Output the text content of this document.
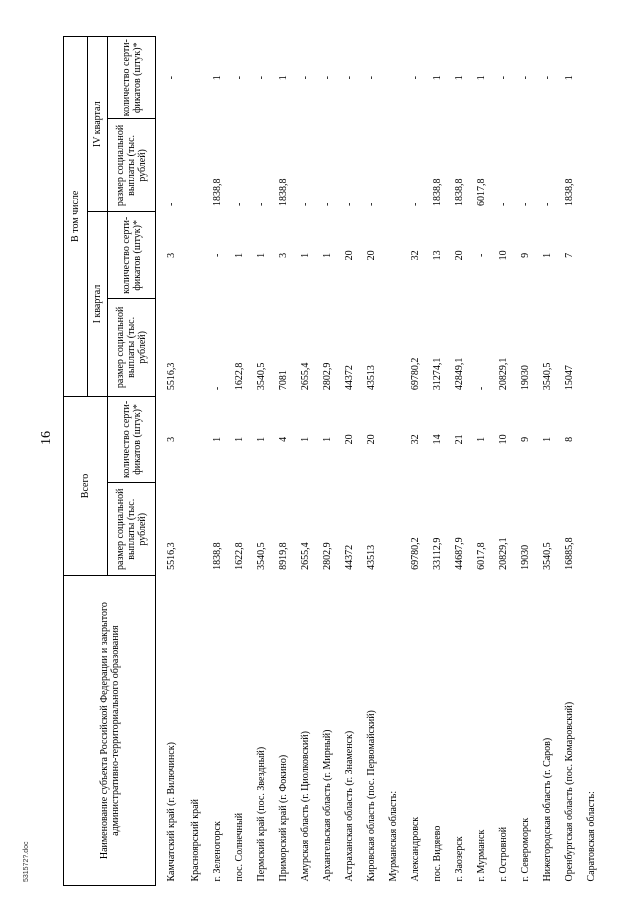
16
531572?.doc
Наименование субъекта Российской Федерации и закрытого административно-территориального образования	Всего		В том числе			
			I квартал		IV квартал	
	размер социальной выплаты (тыс. рублей)	количество серти-фикатов (штук)*	размер социальной выплаты (тыс. рублей)	количество серти-фикатов (штук)*	размер социальной выплаты (тыс. рублей)	количество серти-фикатов (штук)*
Камчатский край (г. Вилючинск)	5516,3	3	5516,3	3	-	-
Красноярский край						
г. Зеленогорск	1838,8	1	-	-	1838,8	1
пос. Солнечный	1622,8	1	1622,8	1	-	-
Пермский край (пос. Звездный)	3540,5	1	3540,5	1	-	-
Приморский край (г. Фокино)	8919,8	4	7081	3	1838,8	1
Амурская область (г. Циолковский)	2655,4	1	2655,4	1	-	-
Архангельская область (г. Мирный)	2802,9	1	2802,9	1	-	-
Астраханская область (г. Знаменск)	44372	20	44372	20	-	-
Кировская область (пос. Первомайский)	43513	20	43513	20	-	-
Мурманская область:						
Александровск	69780,2	32	69780,2	32	-	-
пос. Видяево	33112,9	14	31274,1	13	1838,8	1
г. Заозерск	44687,9	21	42849,1	20	1838,8	1
г. Мурманск	6017,8	1	-	-	6017,8	1
г. Островной	20829,1	10	20829,1	10	-	-
г. Североморск	19030	9	19030	9	-	-
Нижегородская область (г. Саров)	3540,5	1	3540,5	1	-	-
Оренбургская область (пос. Комаровский)	16885,8	8	15047	7	1838,8	1
Саратовская область:						
